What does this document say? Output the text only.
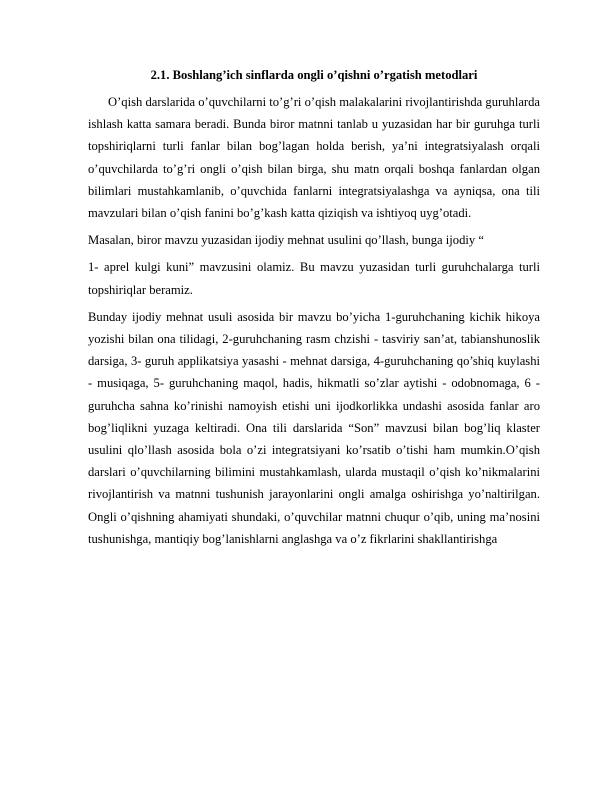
2.1. Boshlang’ich sinflarda ongli o’qishni o’rgatish metodlari

O’qish darslarida o’quvchilarni to’g’ri o’qish malakalarini rivojlantirishda guruhlarda ishlash katta samara beradi. Bunda biror matnni tanlab u yuzasidan har bir guruhga turli topshiriqlarni turli fanlar bilan bog’lagan holda berish, ya’ni integratsiyalash orqali o’quvchilarda to’g’ri ongli o’qish bilan birga, shu matn orqali boshqa fanlardan olgan bilimlari mustahkamlanib, o’quvchida fanlarni integratsiyalashga va ayniqsa, ona tili mavzulari bilan o’qish fanini bo’g’kash katta qiziqish va ishtiyoq uyg’otadi.

Masalan, biror mavzu yuzasidan ijodiy mehnat usulini qo’llash, bunga ijodiy “

1- aprel kulgi kuni” mavzusini olamiz. Bu mavzu yuzasidan turli guruhchalarga turli topshiriqlar beramiz.

Bunday ijodiy mehnat usuli asosida bir mavzu bo’yicha 1-guruhchaning kichik hikoya yozishi bilan ona tilidagi, 2-guruhchaning rasm chzishi - tasviriy san’at, tabianshunoslik darsiga, 3- guruh applikatsiya yasashi - mehnat darsiga, 4-guruhchaning qo’shiq kuylashi - musiqaga, 5- guruhchaning maqol, hadis, hikmatli so’zlar aytishi - odobnomaga, 6 - guruhcha sahna ko’rinishi namoyish etishi uni ijodkorlikka undashi asosida fanlar aro bog’liqlikni yuzaga keltiradi. Ona tili darslarida “Son” mavzusi bilan bog’liq klaster usulini qlo’llash asosida bola o’zi integratsiyani ko’rsatib o’tishi ham mumkin.O’qish darslari o’quvchilarning bilimini mustahkamlash, ularda mustaqil o’qish ko’nikmalarini rivojlantirish va matnni tushunish jarayonlarini ongli amalga oshirishga yo’naltirilgan. Ongli o’qishning ahamiyati shundaki, o’quvchilar matnni chuqur o’qib, uning ma’nosini tushunishga, mantiqiy bog’lanishlarni anglashga va o’z fikrlarini shakllantirishga
